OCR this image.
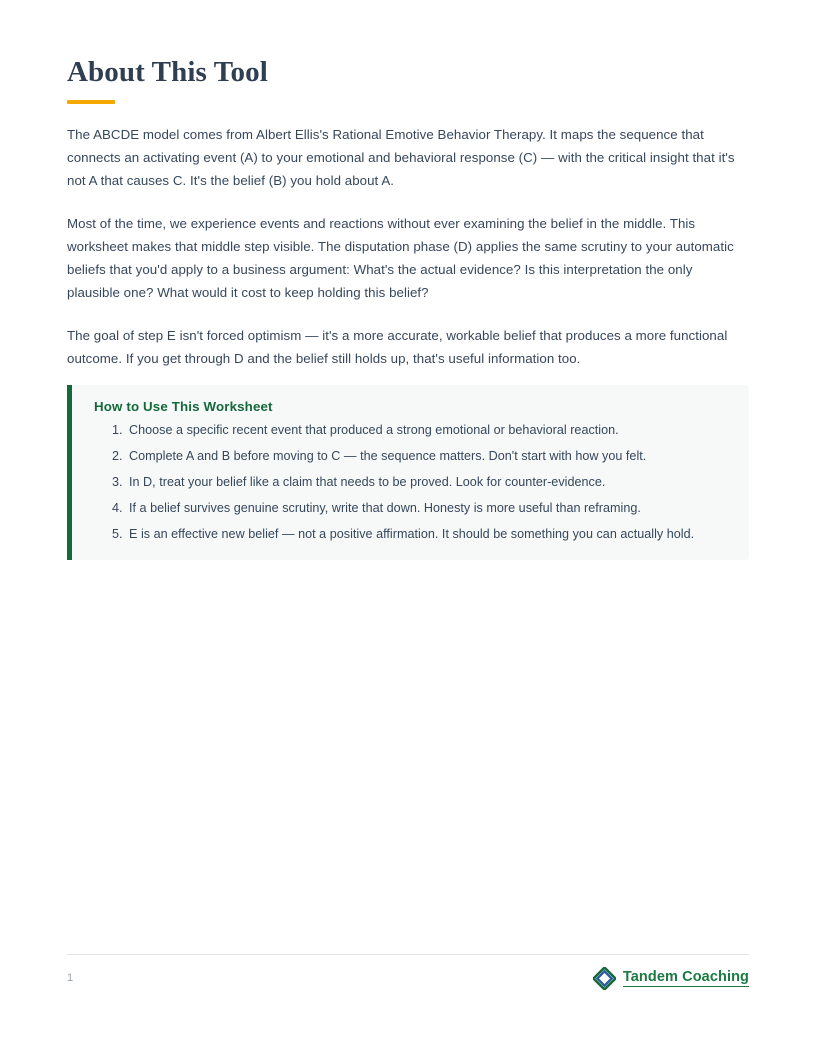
About This Tool

The ABCDE model comes from Albert Ellis's Rational Emotive Behavior Therapy. It maps the sequence that connects an activating event (A) to your emotional and behavioral response (C) — with the critical insight that it's not A that causes C. It's the belief (B) you hold about A.

Most of the time, we experience events and reactions without ever examining the belief in the middle. This worksheet makes that middle step visible. The disputation phase (D) applies the same scrutiny to your automatic beliefs that you'd apply to a business argument: What's the actual evidence? Is this interpretation the only plausible one? What would it cost to keep holding this belief?

The goal of step E isn't forced optimism — it's a more accurate, workable belief that produces a more functional outcome. If you get through D and the belief still holds up, that's useful information too.

How to Use This Worksheet
1. Choose a specific recent event that produced a strong emotional or behavioral reaction.
2. Complete A and B before moving to C — the sequence matters. Don't start with how you felt.
3. In D, treat your belief like a claim that needs to be proved. Look for counter-evidence.
4. If a belief survives genuine scrutiny, write that down. Honesty is more useful than reframing.
5. E is an effective new belief — not a positive affirmation. It should be something you can actually hold.
1	Tandem Coaching
